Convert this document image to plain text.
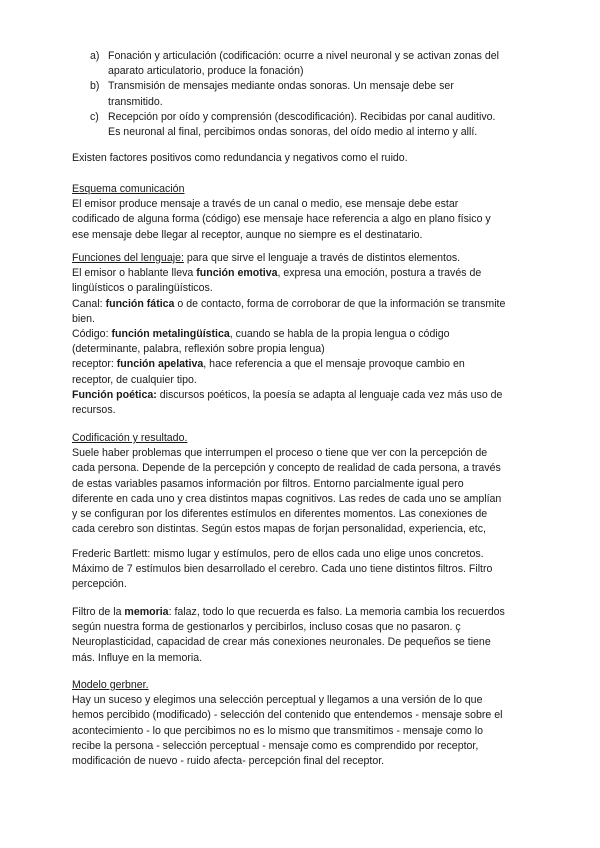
a) Fonación y articulación (codificación: ocurre a nivel neuronal y se activan zonas del
aparato articulatorio, produce la fonación)
b) Transmisión de mensajes mediante ondas sonoras. Un mensaje debe ser
transmitido.
c) Recepción por oído y comprensión (descodificación). Recibidas por canal auditivo.
Es neuronal al final, percibimos ondas sonoras, del oído medio al interno y allí.
Existen factores positivos como redundancia y negativos como el ruido.
Esquema comunicación
El emisor produce mensaje a través de un canal o medio, ese mensaje debe estar
codificado de alguna forma (código) ese mensaje hace referencia a algo en plano físico y
ese mensaje debe llegar al receptor, aunque no siempre es el destinatario.
Funciones del lenguaje: para que sirve el lenguaje a través de distintos elementos.
El emisor o hablante lleva función emotiva, expresa una emoción, postura a través de
lingüísticos o paralingüísticos.
Canal: función fática o de contacto, forma de corroborar de que la información se transmite
bien.
Código: función metalingüística, cuando se habla de la propia lengua o código
(determinante, palabra, reflexión sobre propia lengua)
receptor: función apelativa, hace referencia a que el mensaje provoque cambio en
receptor, de cualquier tipo.
Función poética: discursos poéticos, la poesía se adapta al lenguaje cada vez más uso de
recursos.
Codificación y resultado.
Suele haber problemas que interrumpen el proceso o tiene que ver con la percepción de
cada persona. Depende de la percepción y concepto de realidad de cada persona, a través
de estas variables pasamos información por filtros. Entorno parcialmente igual pero
diferente en cada uno y crea distintos mapas cognitivos. Las redes de cada uno se amplían
y se configuran por los diferentes estímulos en diferentes momentos. Las conexiones de
cada cerebro son distintas. Según estos mapas de forjan personalidad, experiencia, etc,
Frederic Bartlett: mismo lugar y estímulos, pero de ellos cada uno elige unos concretos.
Máximo de 7 estímulos bien desarrollado el cerebro. Cada uno tiene distintos filtros. Filtro
percepción.
Filtro de la memoria: falaz, todo lo que recuerda es falso. La memoria cambia los recuerdos
según nuestra forma de gestionarlos y percibirlos, incluso cosas que no pasaron. ç
Neuroplasticidad, capacidad de crear más conexiones neuronales. De pequeños se tiene
más. Influye en la memoria.
Modelo gerbner.
Hay un suceso y elegimos una selección perceptual y llegamos a una versión de lo que
hemos percibido (modificado) - selección del contenido que entendemos - mensaje sobre el
acontecimiento - lo que percibimos no es lo mismo que transmitimos - mensaje como lo
recibe la persona - selección perceptual - mensaje como es comprendido por receptor,
modificación de nuevo - ruido afecta- percepción final del receptor.
